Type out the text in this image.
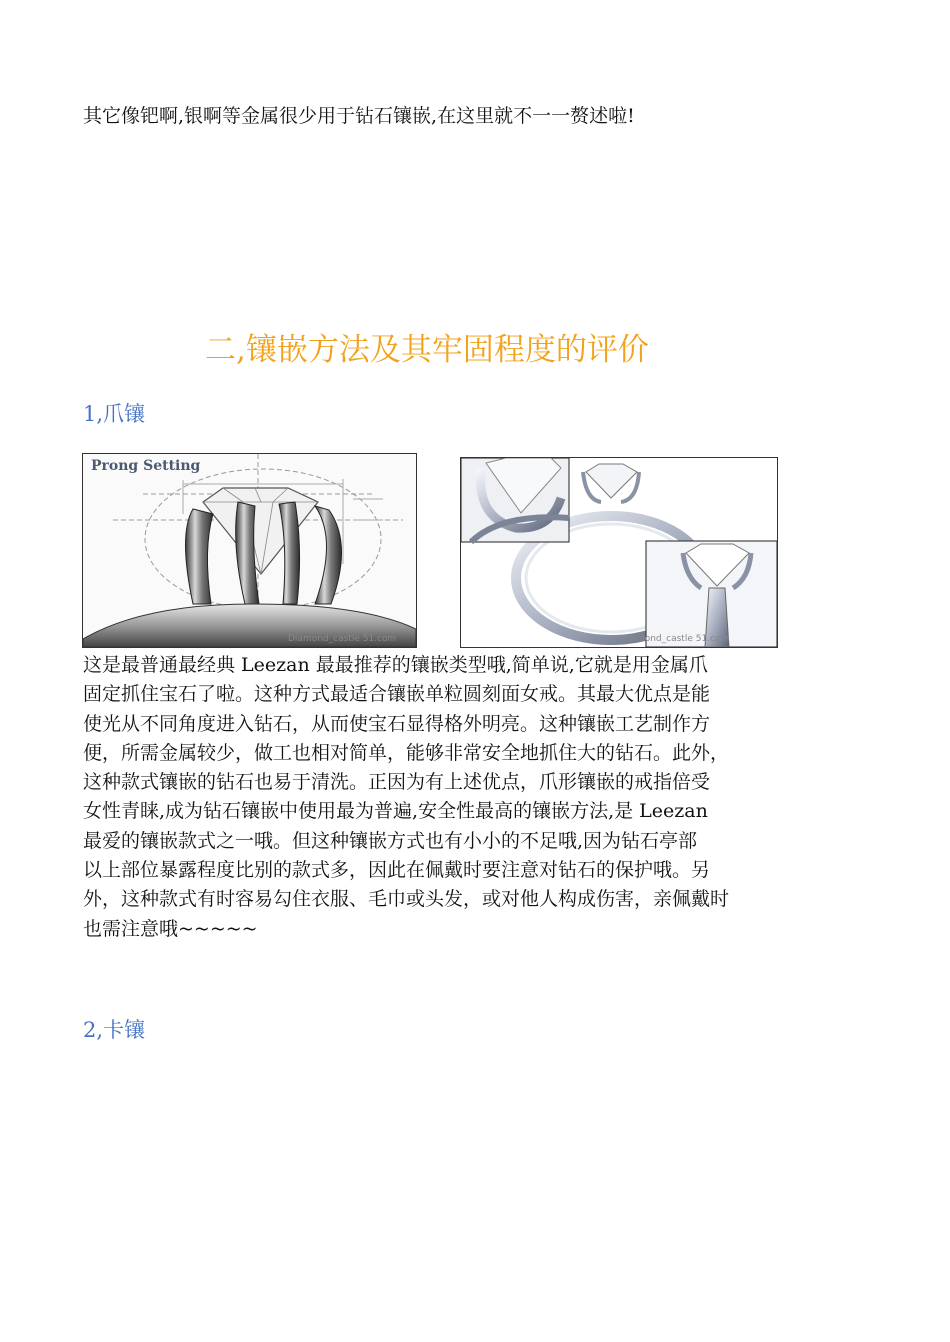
其它像钯啊,银啊等金属很少用于钻石镶嵌,在这里就不一一赘述啦!
二,镶嵌方法及其牢固程度的评价
1,爪镶
Prong Setting
Diamond_castle 51.com	Diamond_castle 51.com
这是最普通最经典 Leezan 最最推荐的镶嵌类型哦,简单说,它就是用金属爪
固定抓住宝石了啦。这种方式最适合镶嵌单粒圆刻面女戒。其最大优点是能
使光从不同角度进入钻石，从而使宝石显得格外明亮。这种镶嵌工艺制作方
便，所需金属较少，做工也相对简单，能够非常安全地抓住大的钻石。此外，
这种款式镶嵌的钻石也易于清洗。正因为有上述优点，爪形镶嵌的戒指倍受
女性青睐,成为钻石镶嵌中使用最为普遍,安全性最高的镶嵌方法,是 Leezan
最爱的镶嵌款式之一哦。但这种镶嵌方式也有小小的不足哦,因为钻石亭部
以上部位暴露程度比别的款式多，因此在佩戴时要注意对钻石的保护哦。另
外，这种款式有时容易勾住衣服、毛巾或头发，或对他人构成伤害，亲佩戴时
也需注意哦~~~~~
2,卡镶
